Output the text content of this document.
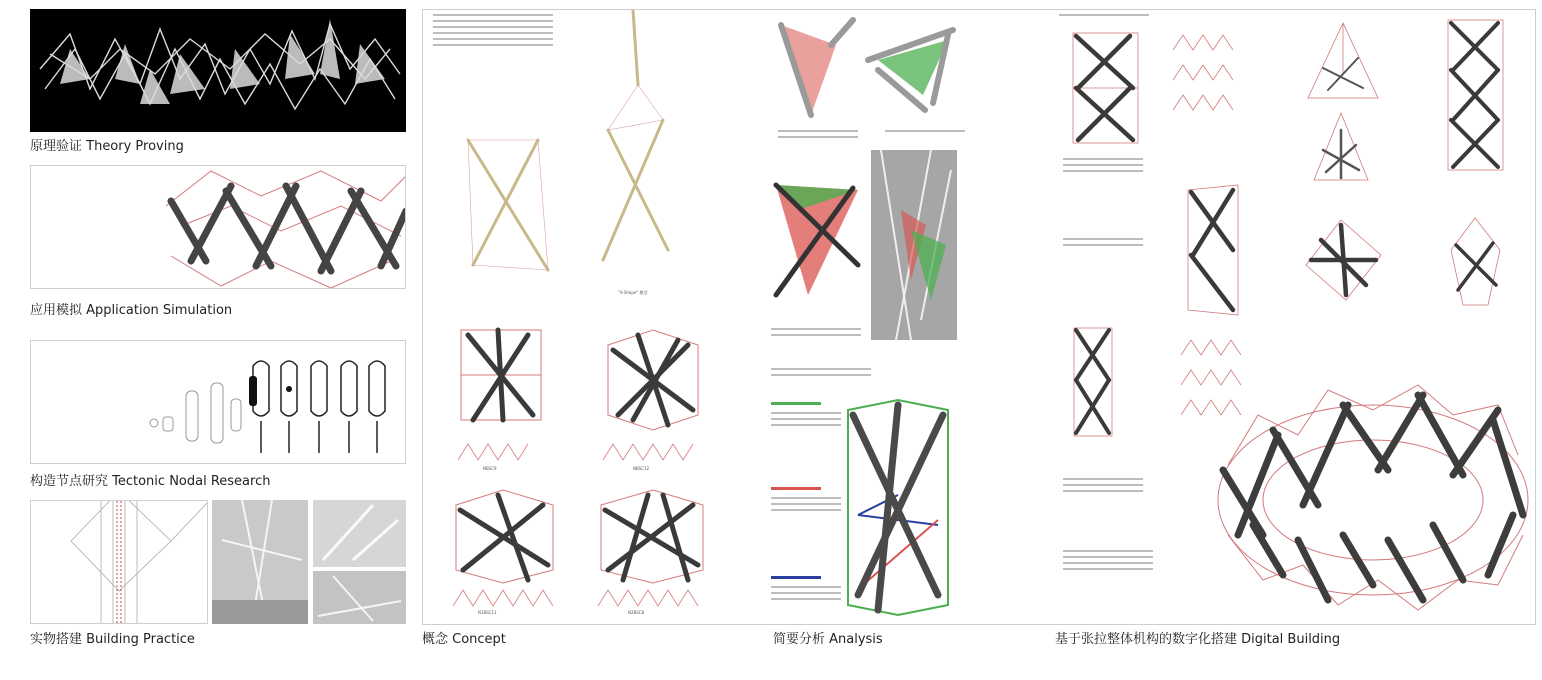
原理验证 Theory Proving
应用模拟 Application Simulation
构造节点研究 Tectonic Nodal Research
实物搭建 Building Practice
"X-Shape" 模型
NBSC9	NBSC12
N1BSC11	N2BSC8
概念 Concept	简要分析 Analysis	基于张拉整体机构的数字化搭建 Digital Building
